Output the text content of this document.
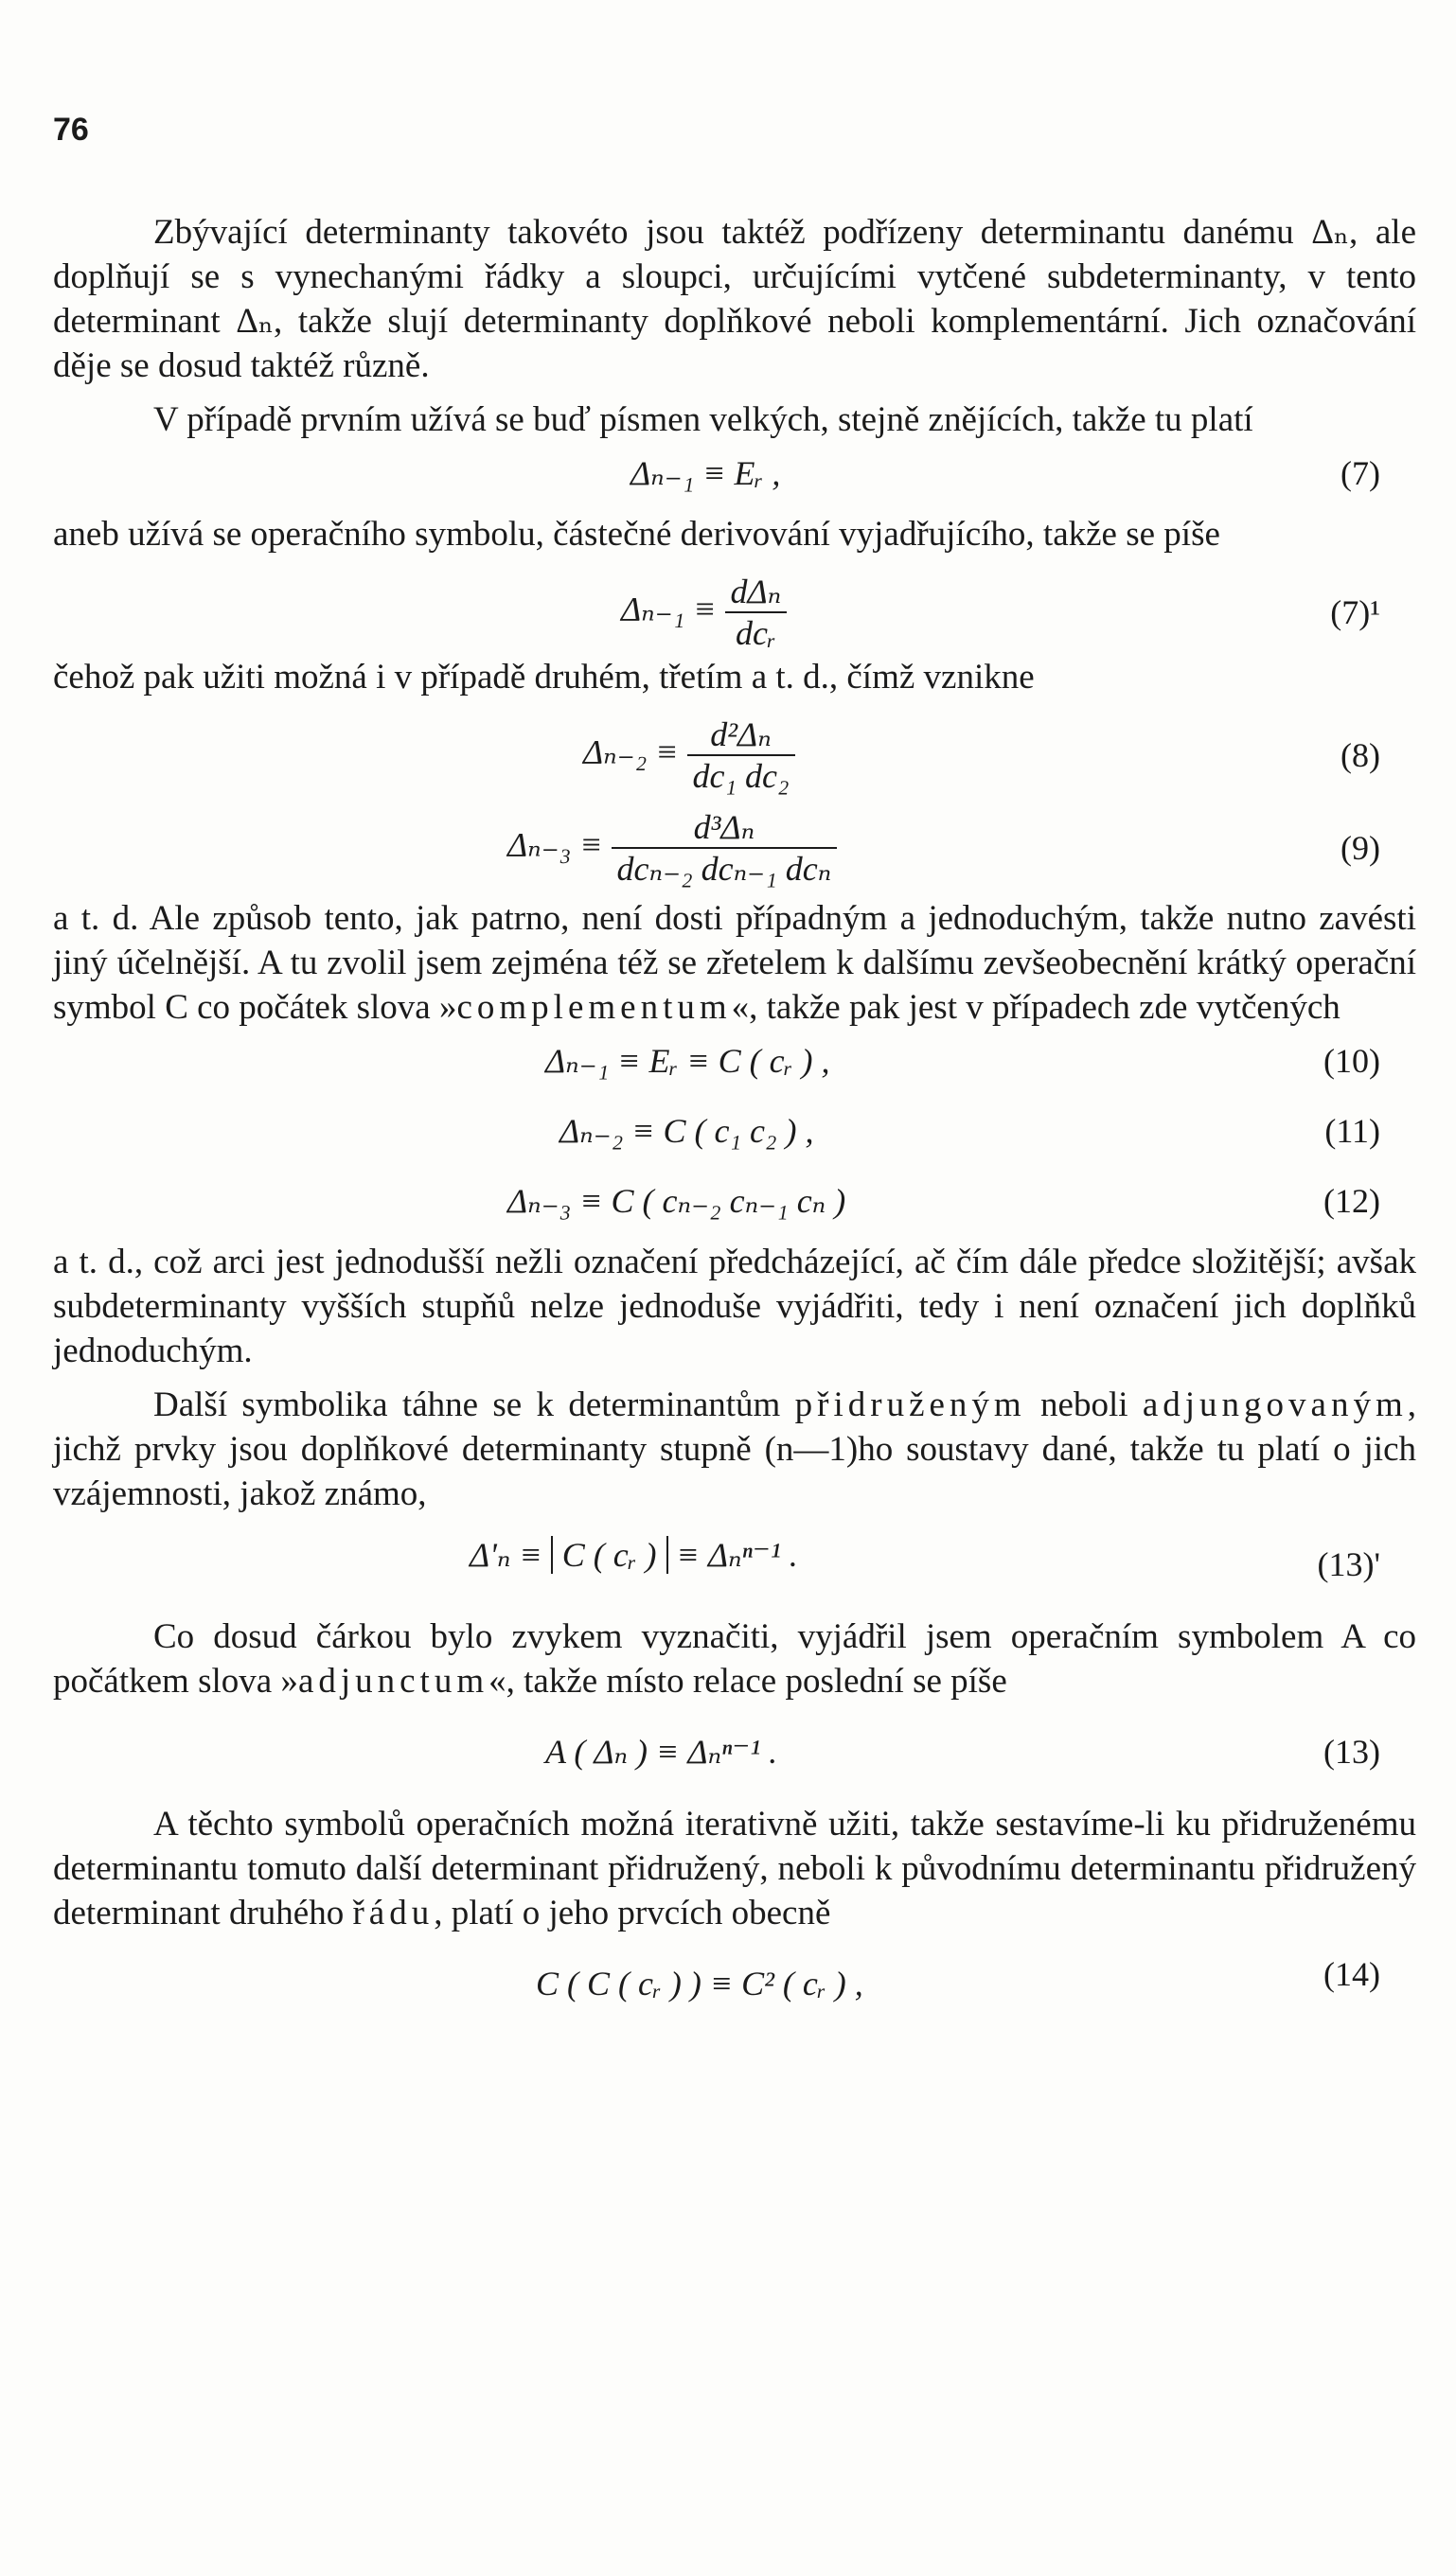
76

Zbývající determinanty takovéto jsou taktéž podřízeny determinantu danému Δₙ, ale doplňují se s vynechanými řádky a sloupci, určujícími vytčené subdeterminanty, v tento determinant Δₙ, takže slují determinanty doplňkové neboli komplementární. Jich označování děje se dosud taktéž různě.

V případě prvním užívá se buď písmen velkých, stejně znějících, takže tu platí

Δₙ₋₁ ≡ Eᵣ ,	(7)

aneb užívá se operačního symbolu, částečné derivování vyjadřujícího, takže se píše

$\Delta_{n-1} \equiv \frac{\text{dΔₙ}}{\text{dcᵣ}}$	(7)¹

čehož pak užiti možná i v případě druhém, třetím a t. d., čímž vznikne

$\Delta_{n-2} \equiv \frac{\text{d²Δₙ}}{\text{dc₁ dc₂}}$	(8)
$\Delta_{n-3} \equiv \frac{\text{d³Δₙ}}{\text{dcₙ₋₂ dcₙ₋₁ dcₙ}}$	(9)

a t. d. Ale způsob tento, jak patrno, není dosti případným a jednoduchým, takže nutno zavésti jiný účelnější. A tu zvolil jsem zejména též se zřetelem k dalšímu zevšeobecnění krátký operační symbol C co počátek slova »complementum«, takže pak jest v případech zde vytčených

Δₙ₋₁ ≡ Eᵣ ≡ C ( cᵣ ) ,	(10)
Δₙ₋₂ ≡ C ( c₁ c₂ ) ,	(11)
Δₙ₋₃ ≡ C ( cₙ₋₂ cₙ₋₁ cₙ )	(12)

a t. d., což arci jest jednodušší nežli označení předcházející, ač čím dále předce složitější; avšak subdeterminanty vyšších stupňů nelze jednoduše vyjádřiti, tedy i není označení jich doplňků jednoduchým.

Další symbolika táhne se k determinantům přidruženým neboli adjungovaným, jichž prvky jsou doplňkové determinanty stupně (n—1)ho soustavy dané, takže tu platí o jich vzájemnosti, jakož známo,

Δ'ₙ ≡ C ( cᵣ ) ≡ Δₙⁿ⁻¹ .	(13)'

Co dosud čárkou bylo zvykem vyznačiti, vyjádřil jsem operačním symbolem A co počátkem slova »adjunctum«, takže místo relace poslední se píše

A ( Δₙ ) ≡ Δₙⁿ⁻¹ .	(13)

A těchto symbolů operačních možná iterativně užiti, takže sestavíme-li ku přidruženému determinantu tomuto další determinant přidružený, neboli k původnímu determinantu přidružený determinant druhého řádu, platí o jeho prvcích obecně

C ( C ( cᵣ ) ) ≡ C² ( cᵣ ) ,	(14)
